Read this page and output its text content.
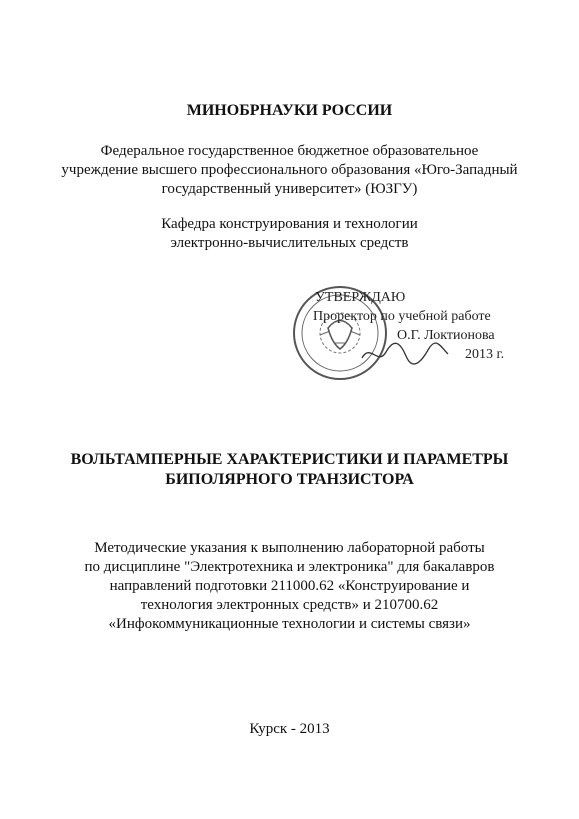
МИНОБРНАУКИ РОССИИ
Федеральное государственное бюджетное образовательное
учреждение высшего профессионального образования «Юго-Западный
государственный университет» (ЮЗГУ)
Кафедра конструирования и технологии
электронно-вычислительных средств
УТВЕРЖДАЮ
Проректор по учебной работе
О.Г. Локтионова
2013 г.
ВОЛЬТАМПЕРНЫЕ ХАРАКТЕРИСТИКИ И ПАРАМЕТРЫ
БИПОЛЯРНОГО ТРАНЗИСТОРА
Методические указания к выполнению лабораторной работы
по дисциплине "Электротехника и электроника" для бакалавров
направлений подготовки 211000.62 «Конструирование и
технология электронных средств» и 210700.62
«Инфокоммуникационные технологии и системы связи»
Курск - 2013
